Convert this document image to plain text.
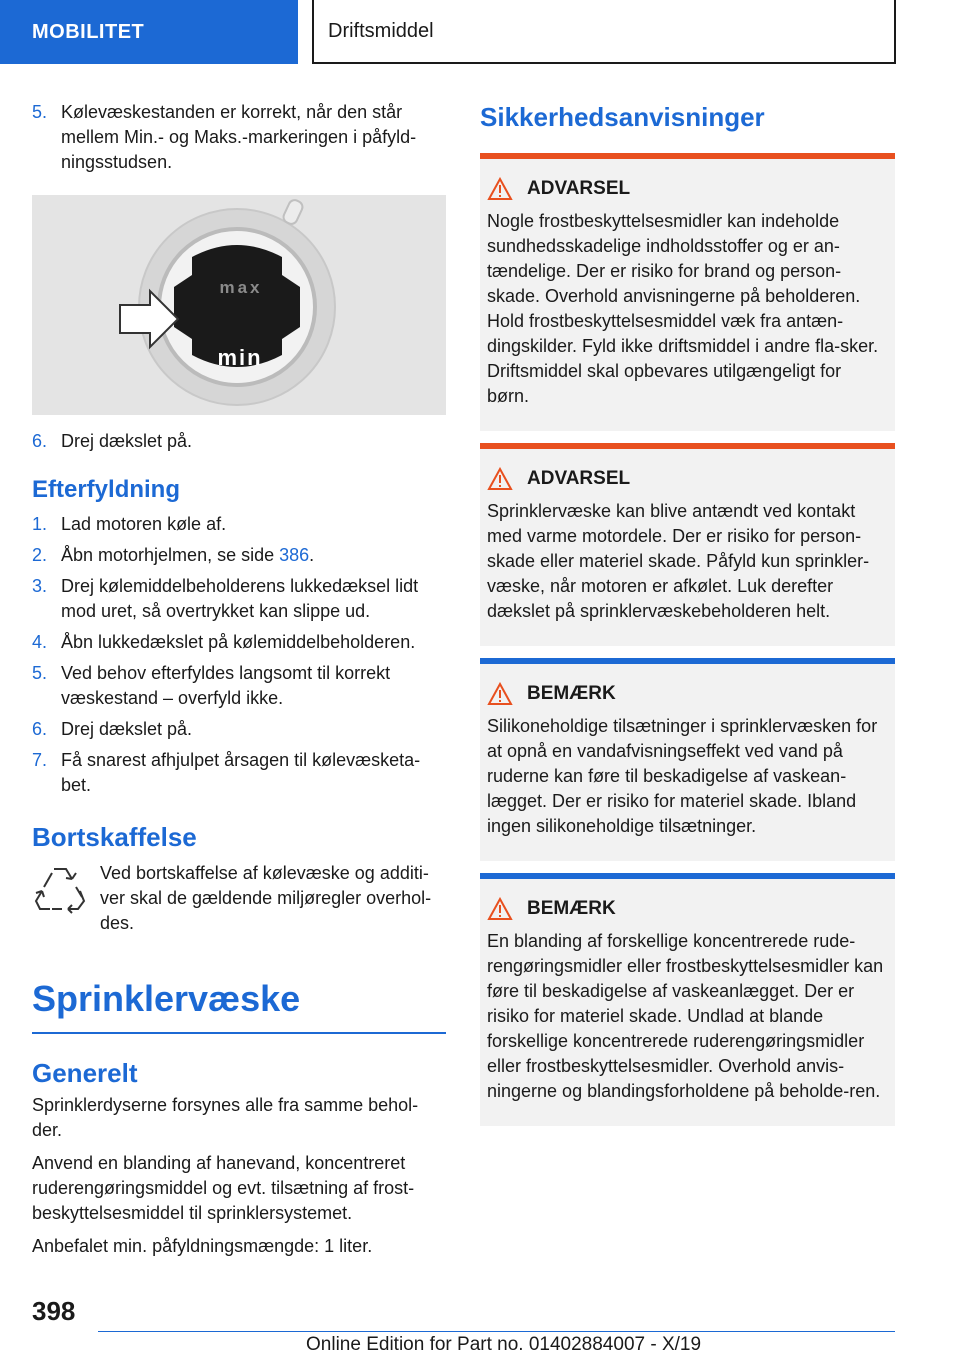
MOBILITET	Driftsmiddel
5. Kølevæskestanden er korrekt, når den står mellem Min.- og Maks.-markeringen i påfyld-ningsstudsen.
max
min
6. Drej dækslet på.
Efterfyldning
1. Lad motoren køle af.
2. Åbn motorhjelmen, se side 386.
3. Drej kølemiddelbeholderens lukkedæksel lidt mod uret, så overtrykket kan slippe ud.
4. Åbn lukkedækslet på kølemiddelbeholderen.
5. Ved behov efterfyldes langsomt til korrekt væskestand – overfyld ikke.
6. Drej dækslet på.
7. Få snarest afhjulpet årsagen til kølevæsketa-bet.
Bortskaffelse
Ved bortskaffelse af kølevæske og additi-ver skal de gældende miljøregler overhol-des.
Sprinklervæske
Generelt

Sprinklerdyserne forsynes alle fra samme behol-der.

Anvend en blanding af hanevand, koncentreret ruderengøringsmiddel og evt. tilsætning af frost-beskyttelsesmiddel til sprinklersystemet.

Anbefalet min. påfyldningsmængde: 1 liter.

Sikkerhedsanvisninger
ADVARSEL
Nogle frostbeskyttelsesmidler kan indeholde sundhedsskadelige indholdsstoffer og er an-tændelige. Der er risiko for brand og person-skade. Overhold anvisningerne på beholderen. Hold frostbeskyttelsesmiddel væk fra antæn-dingskilder. Fyld ikke driftsmiddel i andre fla-sker. Driftsmiddel skal opbevares utilgængeligt for børn.
ADVARSEL
Sprinklervæske kan blive antændt ved kontakt med varme motordele. Der er risiko for person-skade eller materiel skade. Påfyld kun sprinkler-væske, når motoren er afkølet. Luk derefter dækslet på sprinklervæskebeholderen helt.
BEMÆRK
Silikoneholdige tilsætninger i sprinklervæsken for at opnå en vandafvisningseffekt ved vand på ruderne kan føre til beskadigelse af vaskean-lægget. Der er risiko for materiel skade. Ibland ingen silikoneholdige tilsætninger.
BEMÆRK
En blanding af forskellige koncentrerede rude-rengøringsmidler eller frostbeskyttelsesmidler kan føre til beskadigelse af vaskeanlægget. Der er risiko for materiel skade. Undlad at blande forskellige koncentrerede ruderengøringsmidler eller frostbeskyttelsesmidler. Overhold anvis-ningerne og blandingsforholdene på beholde-ren.
398
Online Edition for Part no. 01402884007 - X/19
